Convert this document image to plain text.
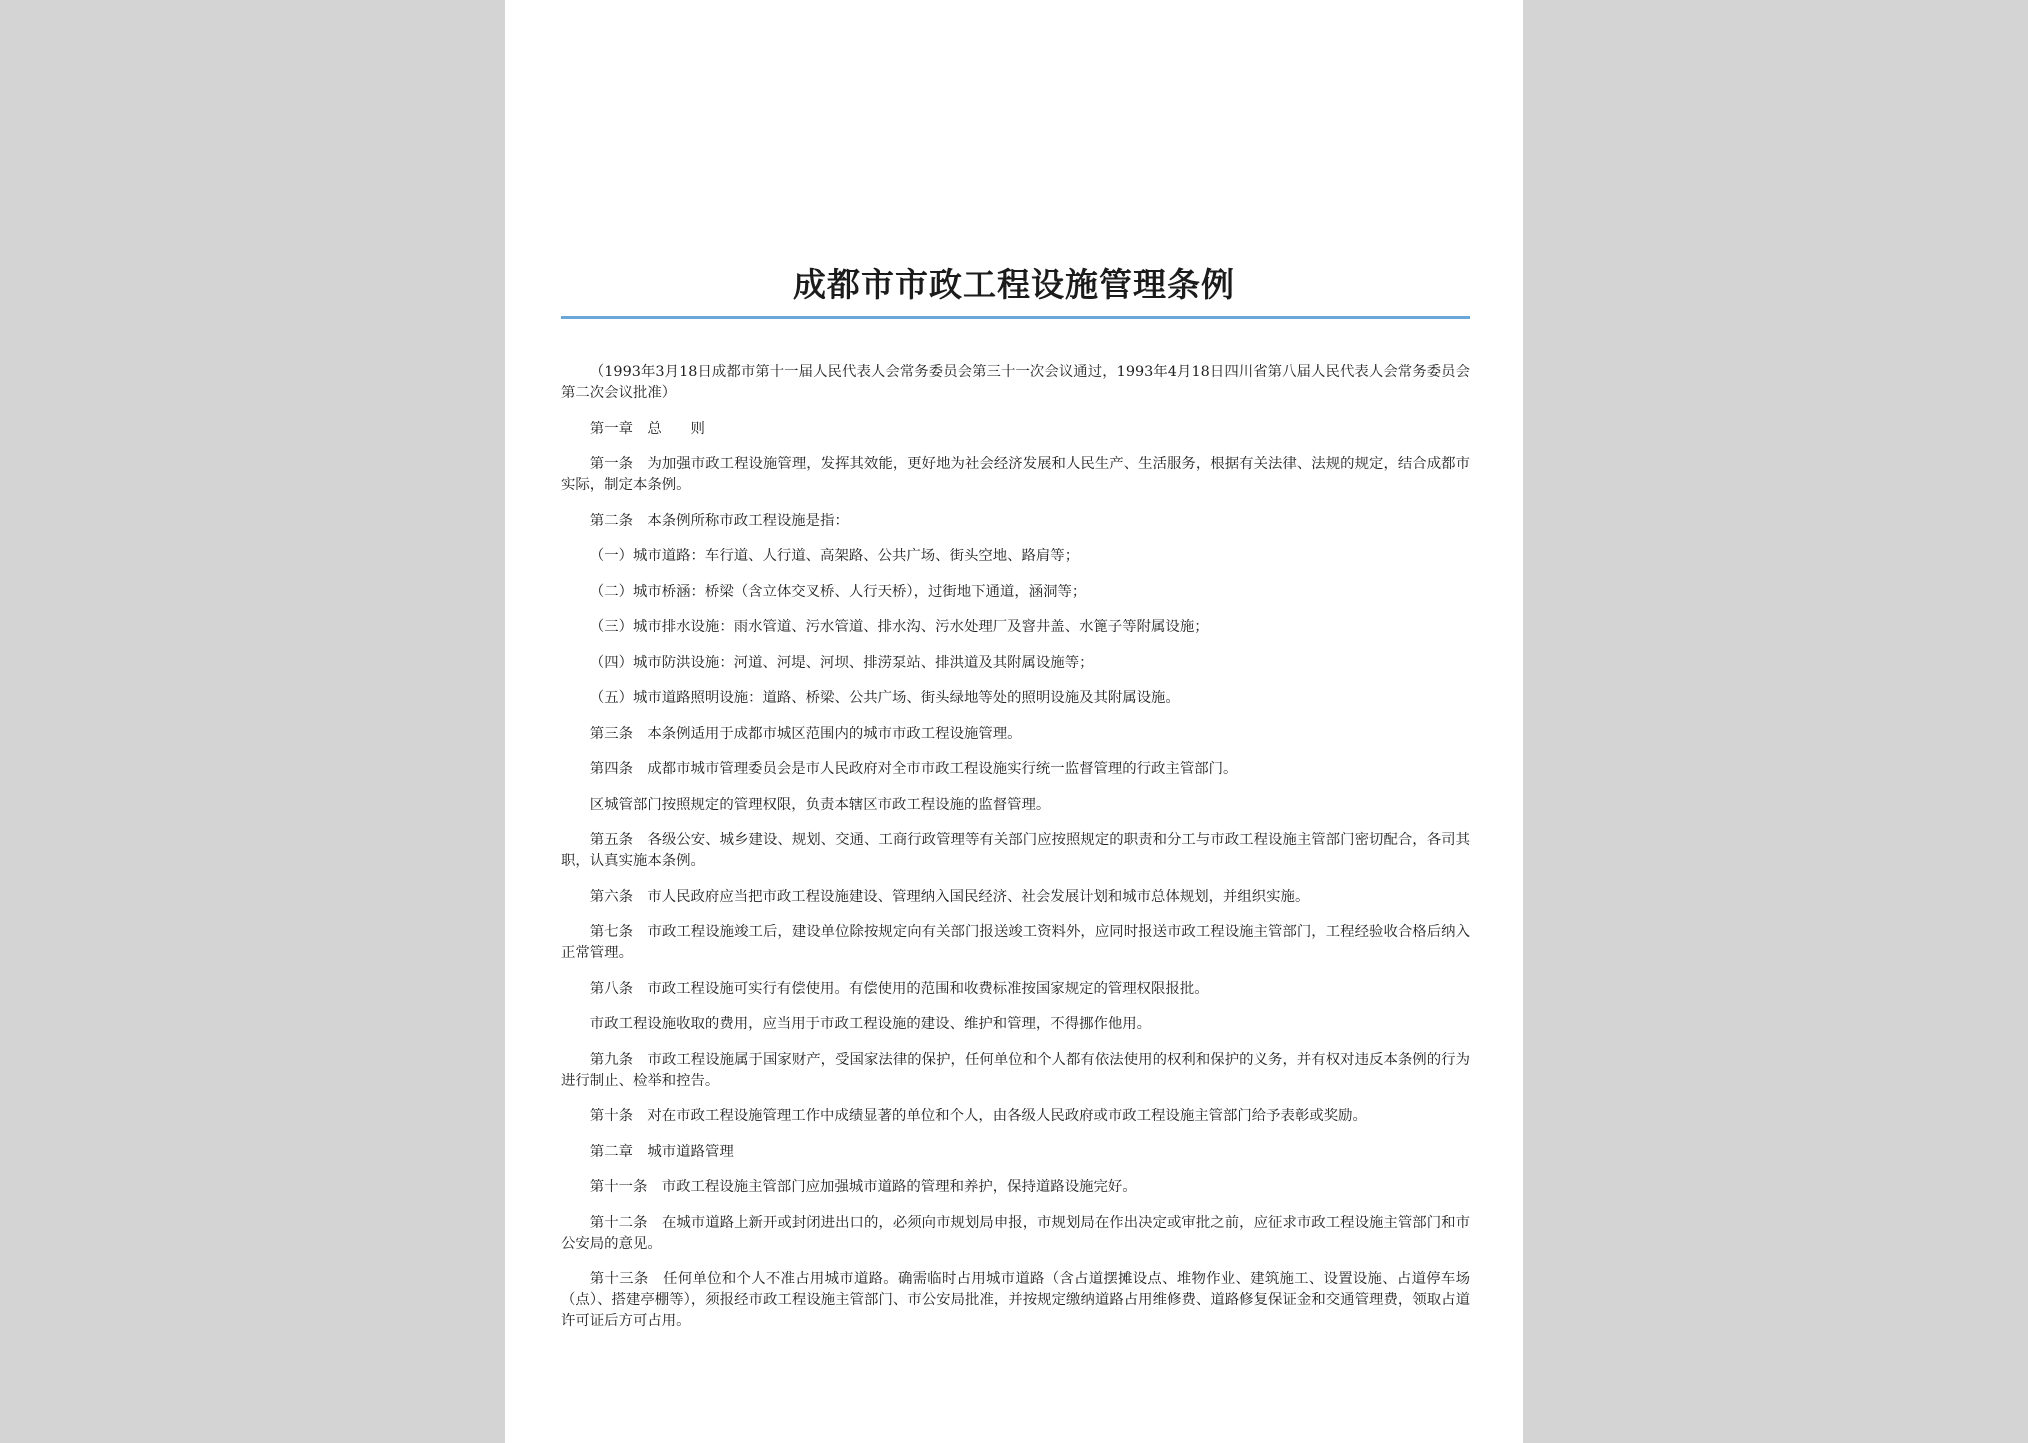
成都市市政工程设施管理条例

（1993年3月18日成都市第十一届人民代表人会常务委员会第三十一次会议通过，1993年4月18日四川省第八届人民代表人会常务委员会第二次会议批准）

第一章　总　　则

第一条　为加强市政工程设施管理，发挥其效能，更好地为社会经济发展和人民生产、生活服务，根据有关法律、法规的规定，结合成都市实际，制定本条例。

第二条　本条例所称市政工程设施是指：

（一）城市道路：车行道、人行道、高架路、公共广场、街头空地、路肩等；

（二）城市桥涵：桥梁（含立体交叉桥、人行天桥），过街地下通道，涵洞等；

（三）城市排水设施：雨水管道、污水管道、排水沟、污水处理厂及窨井盖、水篦子等附属设施；

（四）城市防洪设施：河道、河堤、河坝、排涝泵站、排洪道及其附属设施等；

（五）城市道路照明设施：道路、桥梁、公共广场、街头绿地等处的照明设施及其附属设施。

第三条　本条例适用于成都市城区范围内的城市市政工程设施管理。

第四条　成都市城市管理委员会是市人民政府对全市市政工程设施实行统一监督管理的行政主管部门。

区城管部门按照规定的管理权限，负责本辖区市政工程设施的监督管理。

第五条　各级公安、城乡建设、规划、交通、工商行政管理等有关部门应按照规定的职责和分工与市政工程设施主管部门密切配合，各司其职，认真实施本条例。

第六条　市人民政府应当把市政工程设施建设、管理纳入国民经济、社会发展计划和城市总体规划，并组织实施。

第七条　市政工程设施竣工后，建设单位除按规定向有关部门报送竣工资料外，应同时报送市政工程设施主管部门，工程经验收合格后纳入正常管理。

第八条　市政工程设施可实行有偿使用。有偿使用的范围和收费标准按国家规定的管理权限报批。

市政工程设施收取的费用，应当用于市政工程设施的建设、维护和管理，不得挪作他用。

第九条　市政工程设施属于国家财产，受国家法律的保护，任何单位和个人都有依法使用的权利和保护的义务，并有权对违反本条例的行为进行制止、检举和控告。

第十条　对在市政工程设施管理工作中成绩显著的单位和个人，由各级人民政府或市政工程设施主管部门给予表彰或奖励。

第二章　城市道路管理

第十一条　市政工程设施主管部门应加强城市道路的管理和养护，保持道路设施完好。

第十二条　在城市道路上新开或封闭进出口的，必须向市规划局申报，市规划局在作出决定或审批之前，应征求市政工程设施主管部门和市公安局的意见。

第十三条　任何单位和个人不准占用城市道路。确需临时占用城市道路（含占道摆摊设点、堆物作业、建筑施工、设置设施、占道停车场（点）、搭建亭棚等），须报经市政工程设施主管部门、市公安局批准，并按规定缴纳道路占用维修费、道路修复保证金和交通管理费，领取占道许可证后方可占用。
